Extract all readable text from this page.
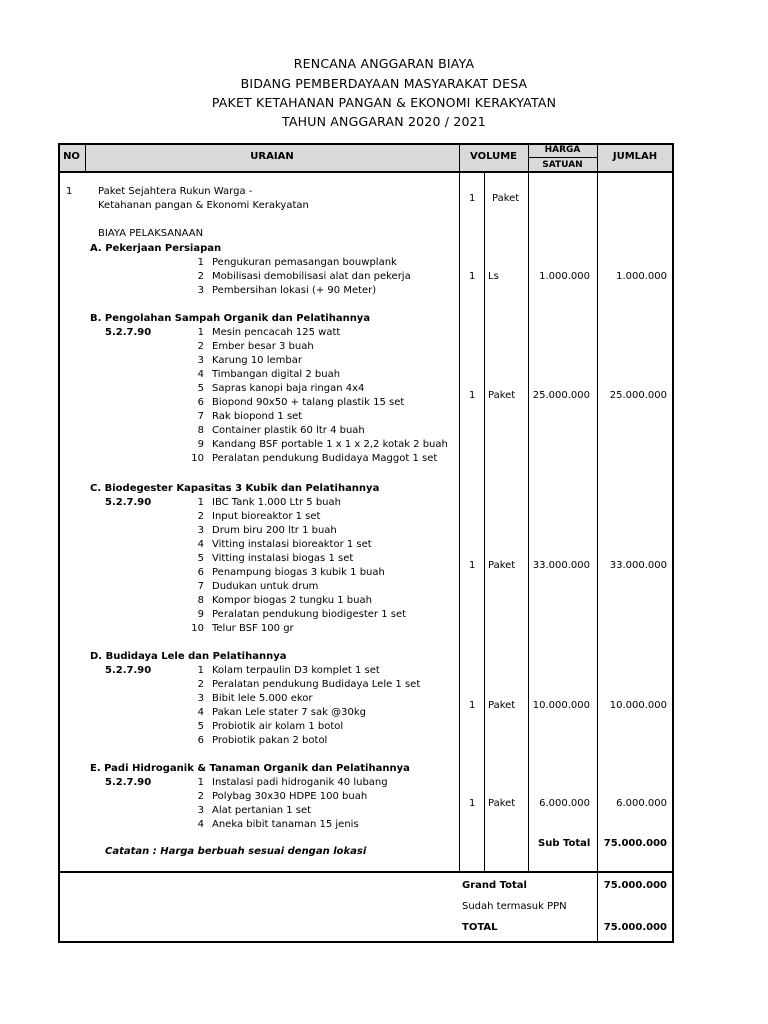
RENCANA ANGGARAN BIAYA
BIDANG PEMBERDAYAAN MASYARAKAT DESA
PAKET KETAHANAN PANGAN & EKONOMI KERAKYATAN
TAHUN ANGGARAN 2020 / 2021
NO	URAIAN	VOLUME
HARGA
SATUAN
JUMLAH
1	Paket Sejahtera Rukun Warga -
Ketahanan pangan & Ekonomi Kerakyatan
1 Paket
BIAYA PELAKSANAAN
A. Pekerjaan Persiapan
1 Pengukuran pemasangan bouwplank
2 Mobilisasi demobilisasi alat dan pekerja
3 Pembersihan lokasi (+ 90 Meter)
1 Ls	1.000.000	1.000.000
B. Pengolahan Sampah Organik dan Pelatihannya
5.2.7.90	1 Mesin pencacah 125 watt
2 Ember besar 3 buah
3 Karung 10 lembar
4 Timbangan digital 2 buah
5 Sapras kanopi baja ringan 4x4
6 Biopond 90x50 + talang plastik 15 set
7 Rak biopond 1 set
8 Container plastik 60 ltr 4 buah
9 Kandang BSF portable 1 x 1 x 2,2 kotak 2 buah
10 Peralatan pendukung Budidaya Maggot 1 set
1 Paket	25.000.000	25.000.000
C. Biodegester Kapasitas 3 Kubik dan Pelatihannya
5.2.7.90	1 IBC Tank 1.000 Ltr 5 buah
2 Input bioreaktor 1 set
3 Drum biru 200 ltr 1 buah
4 Vitting instalasi bioreaktor 1 set
5 Vitting instalasi biogas 1 set
6 Penampung biogas 3 kubik 1 buah
7 Dudukan untuk drum
8 Kompor biogas 2 tungku 1 buah
9 Peralatan pendukung biodigester 1 set
10 Telur BSF 100 gr
1 Paket	33.000.000	33.000.000
D. Budidaya Lele dan Pelatihannya
5.2.7.90	1 Kolam terpaulin D3 komplet 1 set
2 Peralatan pendukung Budidaya Lele 1 set
3 Bibit lele 5.000 ekor
4 Pakan Lele stater 7 sak @30kg
5 Probiotik air kolam 1 botol
6 Probiotik pakan 2 botol
1 Paket	10.000.000	10.000.000
E. Padi Hidroganik & Tanaman Organik dan Pelatihannya
5.2.7.90	1 Instalasi padi hidroganik 40 lubang
2 Polybag 30x30 HDPE 100 buah
3 Alat pertanian 1 set
4 Aneka bibit tanaman 15 jenis
1 Paket	6.000.000	6.000.000
Catatan : Harga berbuah sesuai dengan lokasi
Sub Total	75.000.000
Grand Total	75.000.000
Sudah termasuk PPN
TOTAL	75.000.000
